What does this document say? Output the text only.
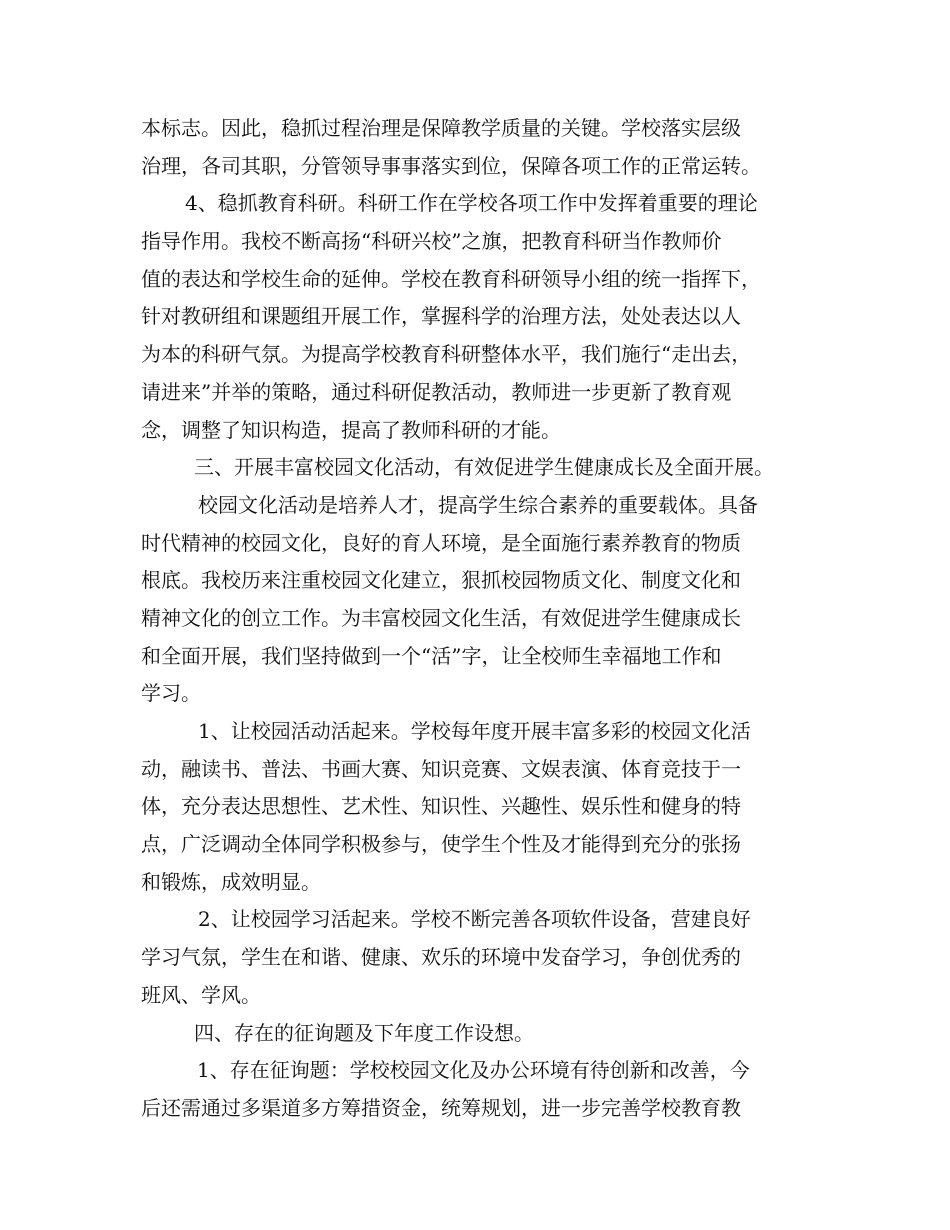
本标志。因此，稳抓过程治理是保障教学质量的关键。学校落实层级
治理，各司其职，分管领导事事落实到位，保障各项工作的正常运转。
4、稳抓教育科研。科研工作在学校各项工作中发挥着重要的理论
指导作用。我校不断高扬“科研兴校”之旗，把教育科研当作教师价
值的表达和学校生命的延伸。学校在教育科研领导小组的统一指挥下，
针对教研组和课题组开展工作，掌握科学的治理方法，处处表达以人
为本的科研气氛。为提高学校教育科研整体水平，我们施行“走出去，
请进来”并举的策略，通过科研促教活动，教师进一步更新了教育观
念，调整了知识构造，提高了教师科研的才能。
三、开展丰富校园文化活动，有效促进学生健康成长及全面开展。
校园文化活动是培养人才，提高学生综合素养的重要载体。具备
时代精神的校园文化，良好的育人环境，是全面施行素养教育的物质
根底。我校历来注重校园文化建立，狠抓校园物质文化、制度文化和
精神文化的创立工作。为丰富校园文化生活，有效促进学生健康成长
和全面开展，我们坚持做到一个“活”字，让全校师生幸福地工作和
学习。
1、让校园活动活起来。学校每年度开展丰富多彩的校园文化活
动，融读书、普法、书画大赛、知识竞赛、文娱表演、体育竞技于一
体，充分表达思想性、艺术性、知识性、兴趣性、娱乐性和健身的特
点，广泛调动全体同学积极参与，使学生个性及才能得到充分的张扬
和锻炼，成效明显。
2、让校园学习活起来。学校不断完善各项软件设备，营建良好
学习气氛，学生在和谐、健康、欢乐的环境中发奋学习，争创优秀的
班风、学风。
四、存在的征询题及下年度工作设想。
1、存在征询题：学校校园文化及办公环境有待创新和改善，今
后还需通过多渠道多方筹措资金，统筹规划，进一步完善学校教育教
